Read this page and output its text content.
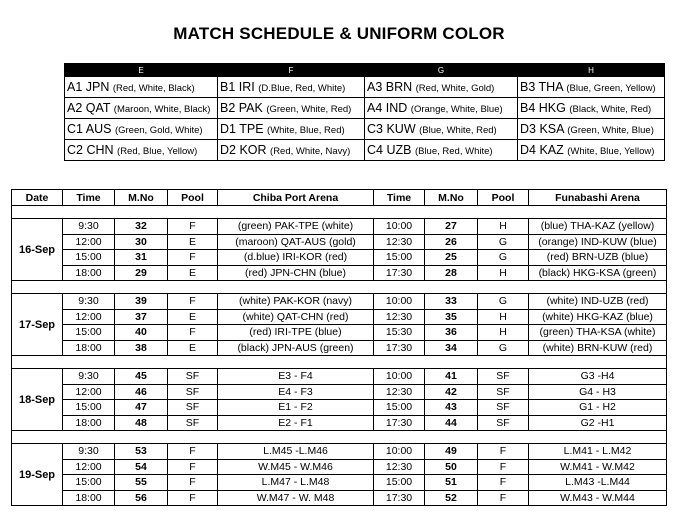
MATCH SCHEDULE & UNIFORM COLOR
E	F	G	H
A1 JPN (Red, White, Black)	B1 IRI (D.Blue, Red, White)	A3 BRN (Red, White, Gold)	B3 THA (Blue, Green, Yellow)
A2 QAT (Maroon, White, Black)	B2 PAK (Green, White, Red)	A4 IND (Orange, White, Blue)	B4 HKG (Black, White, Red)
C1 AUS (Green, Gold, White)	D1 TPE (White, Blue, Red)	C3 KUW (Blue, White, Red)	D3 KSA (Green, White, Blue)
C2 CHN (Red, Blue, Yellow)	D2 KOR (Red, White, Navy)	C4 UZB (Blue, Red, White)	D4 KAZ (White, Blue, Yellow)
Date	Time	M.No	Pool	Chiba Port Arena	Time	M.No	Pool	Funabashi Arena

16-Sep	9:30	32	F	(green) PAK-TPE (white)	10:00	27	H	(blue) THA-KAZ (yellow)
	12:00	30	E	(maroon) QAT-AUS (gold)	12:30	26	G	(orange) IND-KUW (blue)
	15:00	31	F	(d.blue) IRI-KOR (red)	15:00	25	G	(red) BRN-UZB (blue)
	18:00	29	E	(red) JPN-CHN (blue)	17:30	28	H	(black) HKG-KSA (green)

17-Sep	9:30	39	F	(white) PAK-KOR (navy)	10:00	33	G	(white) IND-UZB (red)
	12:00	37	E	(white) QAT-CHN (red)	12:30	35	H	(white) HKG-KAZ (blue)
	15:00	40	F	(red) IRI-TPE (blue)	15:30	36	H	(green) THA-KSA (white)
	18:00	38	E	(black) JPN-AUS (green)	17:30	34	G	(white) BRN-KUW (red)

18-Sep	9:30	45	SF	E3 - F4	10:00	41	SF	G3 -H4
	12:00	46	SF	E4 - F3	12:30	42	SF	G4 - H3
	15:00	47	SF	E1 - F2	15:00	43	SF	G1 - H2
	18:00	48	SF	E2 - F1	17:30	44	SF	G2 -H1

19-Sep	9:30	53	F	L.M45 -L.M46	10:00	49	F	L.M41 - L.M42
	12:00	54	F	W.M45 - W.M46	12:30	50	F	W.M41 - W.M42
	15:00	55	F	L.M47 - L.M48	15:00	51	F	L.M43 -L.M44
	18:00	56	F	W.M47 - W. M48	17:30	52	F	W.M43 - W.M44
